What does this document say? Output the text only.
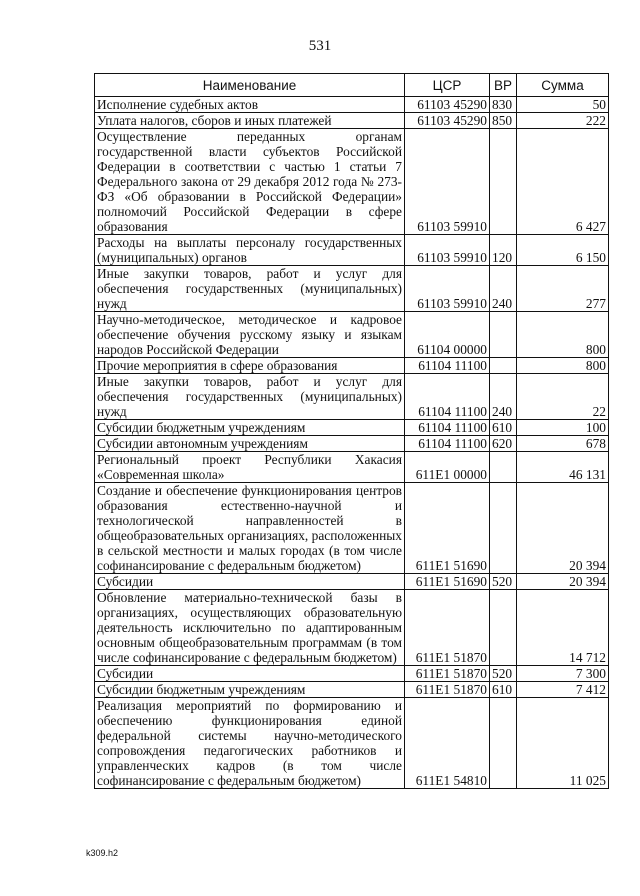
531
Наименование	ЦСР	ВР	Сумма
Исполнение судебных актов	61103 45290	830	50
Уплата налогов, сборов и иных платежей	61103 45290	850	222
Осуществление переданных органам государственной власти субъектов Российской Федерации в соответствии с частью 1 статьи 7 Федерального закона от 29 декабря 2012 года № 273-ФЗ «Об образовании в Российской Федерации» полномочий Российской Федерации в сфере образования	61103 59910		6 427
Расходы на выплаты персоналу государственных (муниципальных) органов	61103 59910	120	6 150
Иные закупки товаров, работ и услуг для обеспечения государственных (муниципальных) нужд	61103 59910	240	277
Научно-методическое, методическое и кадровое обеспечение обучения русскому языку и языкам народов Российской Федерации	61104 00000		800
Прочие мероприятия в сфере образования	61104 11100		800
Иные закупки товаров, работ и услуг для обеспечения государственных (муниципальных) нужд	61104 11100	240	22
Субсидии бюджетным учреждениям	61104 11100	610	100
Субсидии автономным учреждениям	61104 11100	620	678
Региональный проект Республики Хакасия «Современная школа»	611E1 00000		46 131
Создание и обеспечение функционирования центров образования естественно-научной и технологической направленностей в общеобразовательных организациях, расположенных в сельской местности и малых городах (в том числе софинансирование с федеральным бюджетом)	611E1 51690		20 394
Субсидии	611E1 51690	520	20 394
Обновление материально-технической базы в организациях, осуществляющих образовательную деятельность исключительно по адаптированным основным общеобразовательным программам (в том числе софинансирование с федеральным бюджетом)	611E1 51870		14 712
Субсидии	611E1 51870	520	7 300
Субсидии бюджетным учреждениям	611E1 51870	610	7 412
Реализация мероприятий по формированию и обеспечению функционирования единой федеральной системы научно-методического сопровождения педагогических работников и управленческих кадров (в том числе софинансирование с федеральным бюджетом)	611E1 54810		11 025
k309.h2
